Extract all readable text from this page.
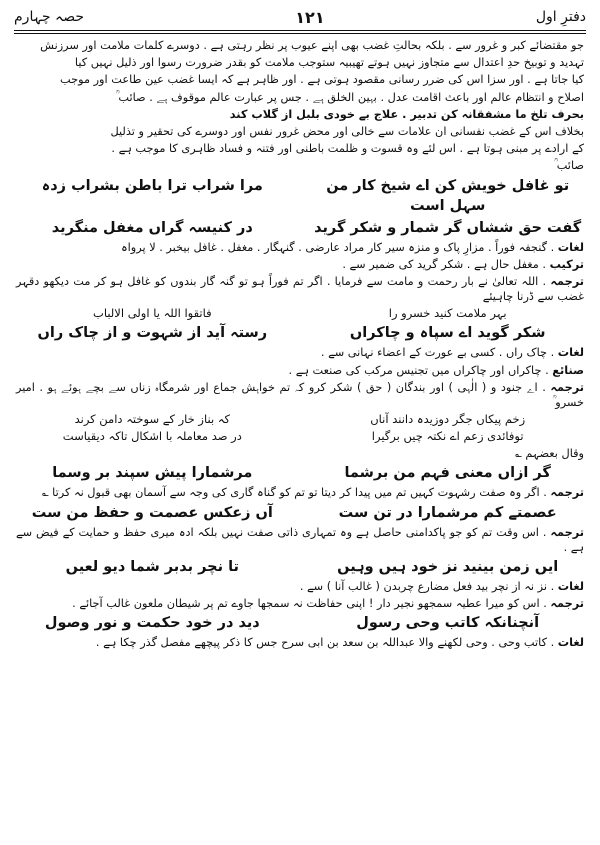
دفترِ اول
۱۲۱
حصہ چہارم

جو مقتضائے کبر و غرور سے . بلکہ بحالتِ غضب بھی اپنے عیوب پر نظر رہتی ہے . دوسرے کلمات ملامت اور سرزنش

تہدید و توبیخ حدِ اعتدال سے متجاوز نہیں ہوتے تھیبیہ ستوجب ملامت کو بقدر ضرورت رسوا اور ذلیل نہیں کیا

کیا جاتا ہے . اور سزا اس کی ضرر رسانی مقصود ہوتی ہے . اور ظاہر ہے کہ ایسا غضب عین طاعت اور موجب

اصلاح و انتظام عالم اور باعث اقامت عدل . بہین الخلق ہے . جس پر عبارت عالم موقوف ہے . صائب ؒ

بحرف تلخ ما مشفقانہ کن تدبیر . علاج بے خودی بلبل از گلاب کند

بخلاف اس کے غضب نفسانی ان علامات سے خالی اور محض غرور نفس اور دوسرے کی تحقیر و تذلیل

کے ارادے پر مبنی ہوتا ہے . اس لئے وہ قسوت و ظلمت باطنی اور فتنہ و فساد ظاہری کا موجب ہے .

صائب ؒ

تو غافل خویش کن اے شیخ کار من سہل است
مرا شراب ترا باطن بشراب زدہ
گفت حق ششاں گر شمار و شکر گرید
در کنیسہ گراں مغفل منگرید

لغات . گنجفہ فوراً . مزارِ پاک و منزہ سیر کار مراد عارضی . گنہگار . مغفل . غافل بیخبر . لا پرواہ

ترکیب . مغفل حال ہے . شکر گرید کی ضمیر سے .

ترجمہ . اللہ تعالیٰ نے بار رحمت و مامت سے فرمایا . اگر تم فوراً ہو تو گنہ گار بندوں کو غافل ہو کر مت دیکھو دقہر غضب سے ڈرنا چاہیئے

بہر ملامت کنید خسرو را
فاتقوا اللہ یا اولی الالباب
شکر گوید اے سپاہ و چاکراں
رستہ آید از شہوت و از چاک راں

لغات . چاک راں . کسی بے عورت کے اعضاء نہانی سے .

صنائع . چاکراں اور چاکراں میں تجنیس مرکب کی صنعت ہے .

ترجمہ . اے جنود و ( الٰہی ) اور بندگان ( حق ) شکر کرو کہ تم خواہش جماع اور شرمگاہ زناں سے بچے ہوئے ہو . امیر خسرو ؒ

زخم پیکاں جگر دوزیدہ دانند آناں
کہ بناز خار کے سوختہ دامن کرند
توفائدی زعم اے نکتہ چیں برگیرا
در صد معاملہ با اشکال تاکہ دیقیاست

وقال بعضہم ؎

گر ازاں معنی فہم من برشما
مرشمارا پیش سپند بر وسما

ترجمہ . اگر وہ صفت رشہوت کہیں تم میں پیدا کر دیتا تو تم کو گناہ گاری کی وجہ سے آسمان بھی قبول نہ کرتا ؎

عصمتے کم مرشمارا در تن ست
آں زعکس عصمت و حفظ من ست

ترجمہ . اس وقت تم کو جو پاکدامنی حاصل ہے وہ تمہاری ذاتی صفت نہیں بلکہ ادہ میری حفظ و حمایت کے فیض سے ہے .

ایں زمن بینید نز خود ہیں وہیں
تا نچر بدبر شما دیو لعیں

لغات . نز نہ از نچر بید فعل مضارع چربدن ( غالب آنا ) سے .

ترجمہ . اس کو میرا عطیہ سمجھو نجیر دار ! اپنی حفاظت نہ سمجھا جاوے تم پر شیطان ملعون غالب آجائے .

آنچنانکہ کاتب وحی رسول
دید در خود حکمت و نور وصول

لغات . کاتب وحی . وحی لکھنے والا عبداللہ بن سعد بن ابی سرح جس کا ذکر پیچھے مفصل گذر چکا ہے .
